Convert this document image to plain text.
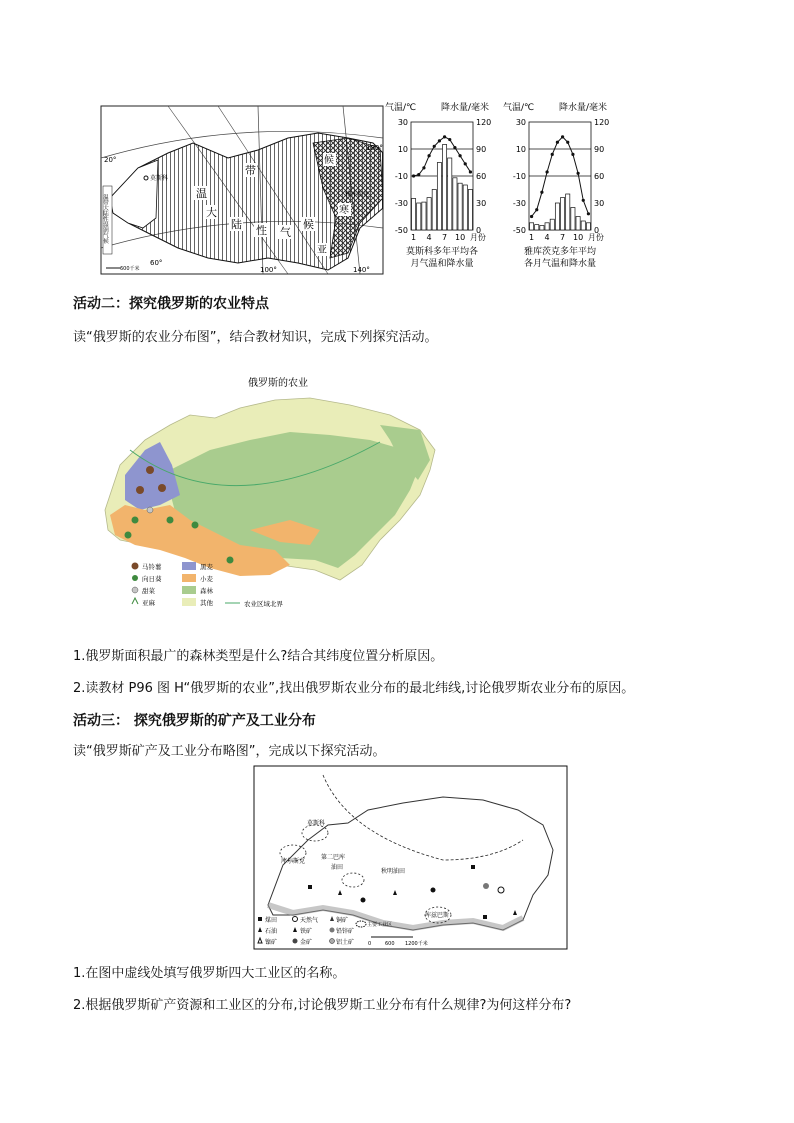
莫斯科
雅库茨克
20°
60°
100°	140°
180°
600千米
温
带
大
陆 性 气
候
候
亚
寒
温带大陆性湿润气候
气温/℃	降水量/毫米
30	120
10	90
-10	60
-30	30
-50	0
1 4 7 10 月份
莫斯科多年平均各
月气温和降水量
气温/℃	降水量/毫米
30	120
10	90
-10	60
-30	30
-50	0
1 4 7 10 月份
雅库茨克多年平均
各月气温和降水量
活动二：探究俄罗斯的农业特点
读“俄罗斯的农业分布图”，结合教材知识，完成下列探究活动。
俄罗斯的农业
马铃薯
向日葵
甜菜
亚麻
黑麦
小麦
森林
其他	农业区域北界
1.俄罗斯面积最广的森林类型是什么?结合其纬度位置分析原因。
2.读教材 P96 图 H“俄罗斯的农业”,找出俄罗斯农业分布的最北纬线,讨论俄罗斯农业分布的原因。
活动三： 探究俄罗斯的矿产及工业分布
读“俄罗斯矿产及工业分布略图”，完成以下探究活动。
莫斯科
库尔斯克
第二巴库
油田
秋明油田
库兹巴斯
煤田	天然气	铜矿
主要工业区
石油	铁矿	铅锌矿
镍矿	金矿	铝土矿	0	600 1200千米
1.在图中虚线处填写俄罗斯四大工业区的名称。
2.根据俄罗斯矿产资源和工业区的分布,讨论俄罗斯工业分布有什么规律?为何这样分布?
